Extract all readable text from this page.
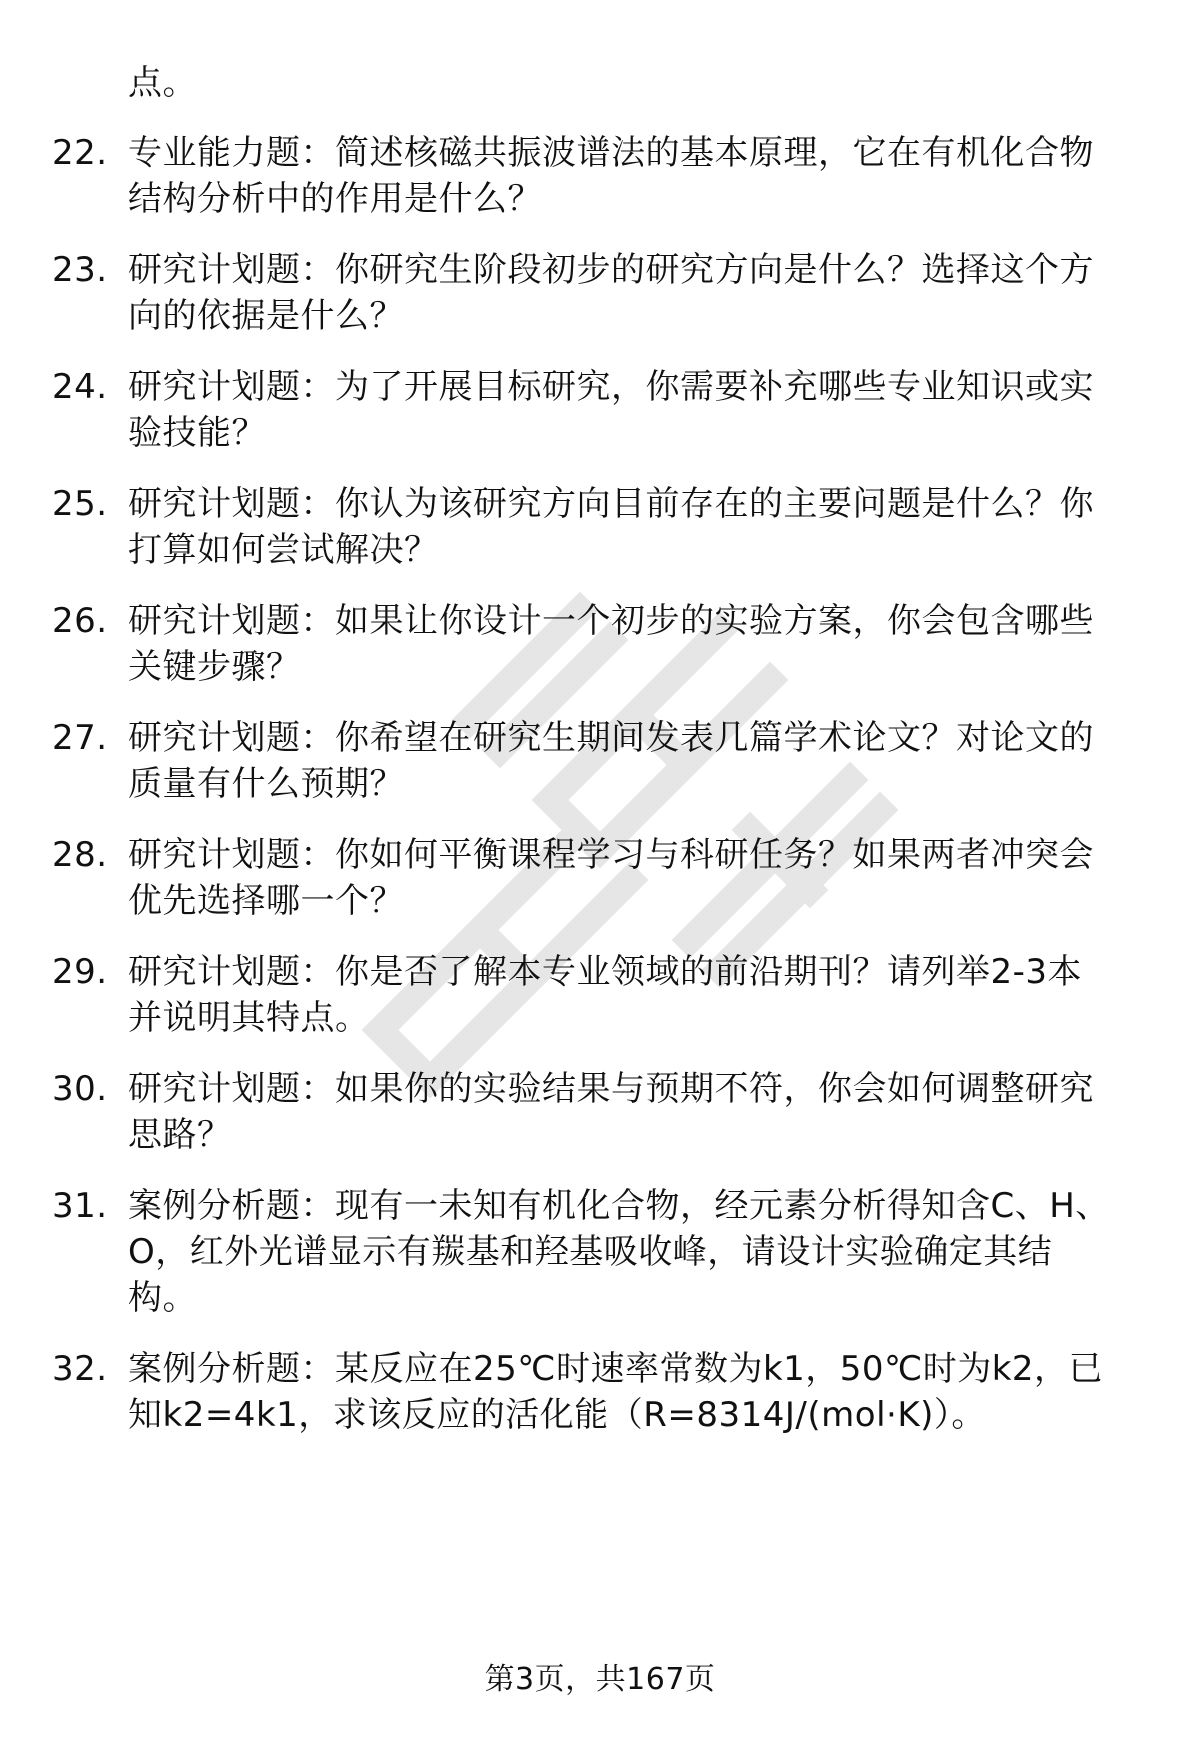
点。
22. 专业能力题：简述核磁共振波谱法的基本原理，它在有机化合物
结构分析中的作用是什么？
23. 研究计划题：你研究生阶段初步的研究方向是什么？选择这个方
向的依据是什么？
24. 研究计划题：为了开展目标研究，你需要补充哪些专业知识或实
验技能？
25. 研究计划题：你认为该研究方向目前存在的主要问题是什么？你
打算如何尝试解决？
26. 研究计划题：如果让你设计一个初步的实验方案，你会包含哪些
关键步骤？
27. 研究计划题：你希望在研究生期间发表几篇学术论文？对论文的
质量有什么预期？
28. 研究计划题：你如何平衡课程学习与科研任务？如果两者冲突会
优先选择哪一个？
29. 研究计划题：你是否了解本专业领域的前沿期刊？请列举2-3本
并说明其特点。
30. 研究计划题：如果你的实验结果与预期不符，你会如何调整研究
思路？
31. 案例分析题：现有一未知有机化合物，经元素分析得知含C、H、
O，红外光谱显示有羰基和羟基吸收峰，请设计实验确定其结
构。
32. 案例分析题：某反应在25℃时速率常数为k1，50℃时为k2，已
知k2=4k1，求该反应的活化能（R=8314J/(mol·K)）。
第3页，共167页
